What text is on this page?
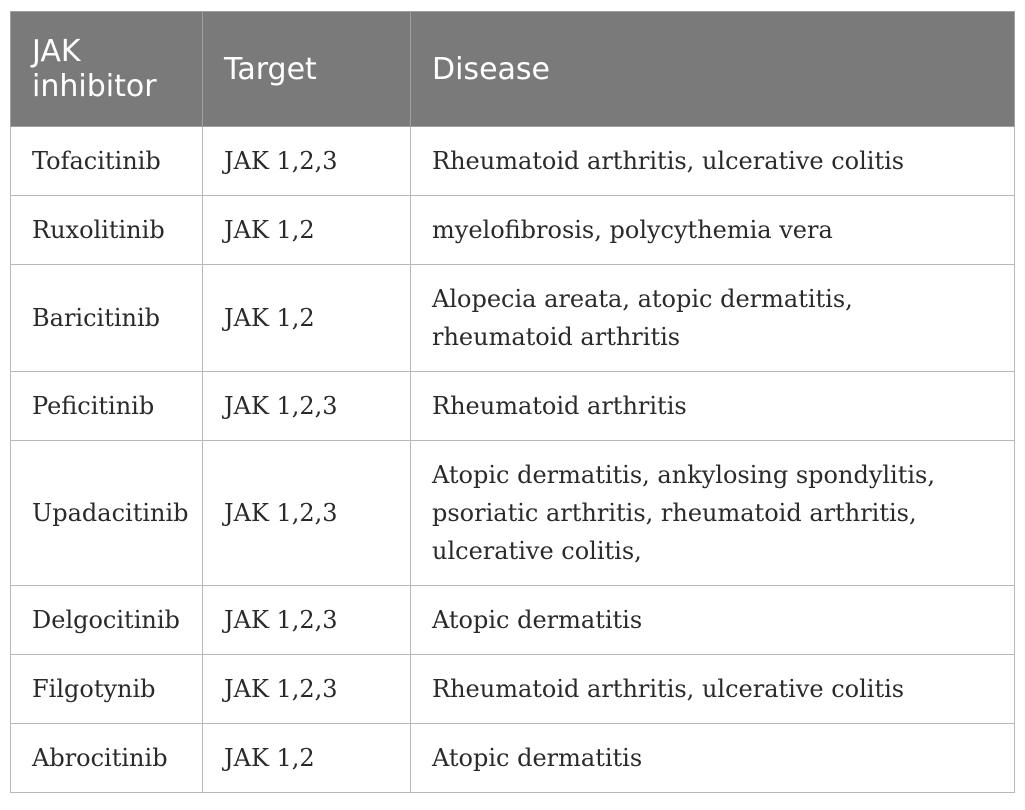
JAK
inhibitor	Target	Disease
Tofacitinib	JAK 1,2,3	Rheumatoid arthritis, ulcerative colitis
Ruxolitinib	JAK 1,2	myelofibrosis, polycythemia vera
Baricitinib	JAK 1,2	Alopecia areata, atopic dermatitis,
rheumatoid arthritis
Peficitinib	JAK 1,2,3	Rheumatoid arthritis
Upadacitinib	JAK 1,2,3	Atopic dermatitis, ankylosing spondylitis,
psoriatic arthritis, rheumatoid arthritis,
ulcerative colitis,
Delgocitinib	JAK 1,2,3	Atopic dermatitis
Filgotynib	JAK 1,2,3	Rheumatoid arthritis, ulcerative colitis
Abrocitinib	JAK 1,2	Atopic dermatitis
